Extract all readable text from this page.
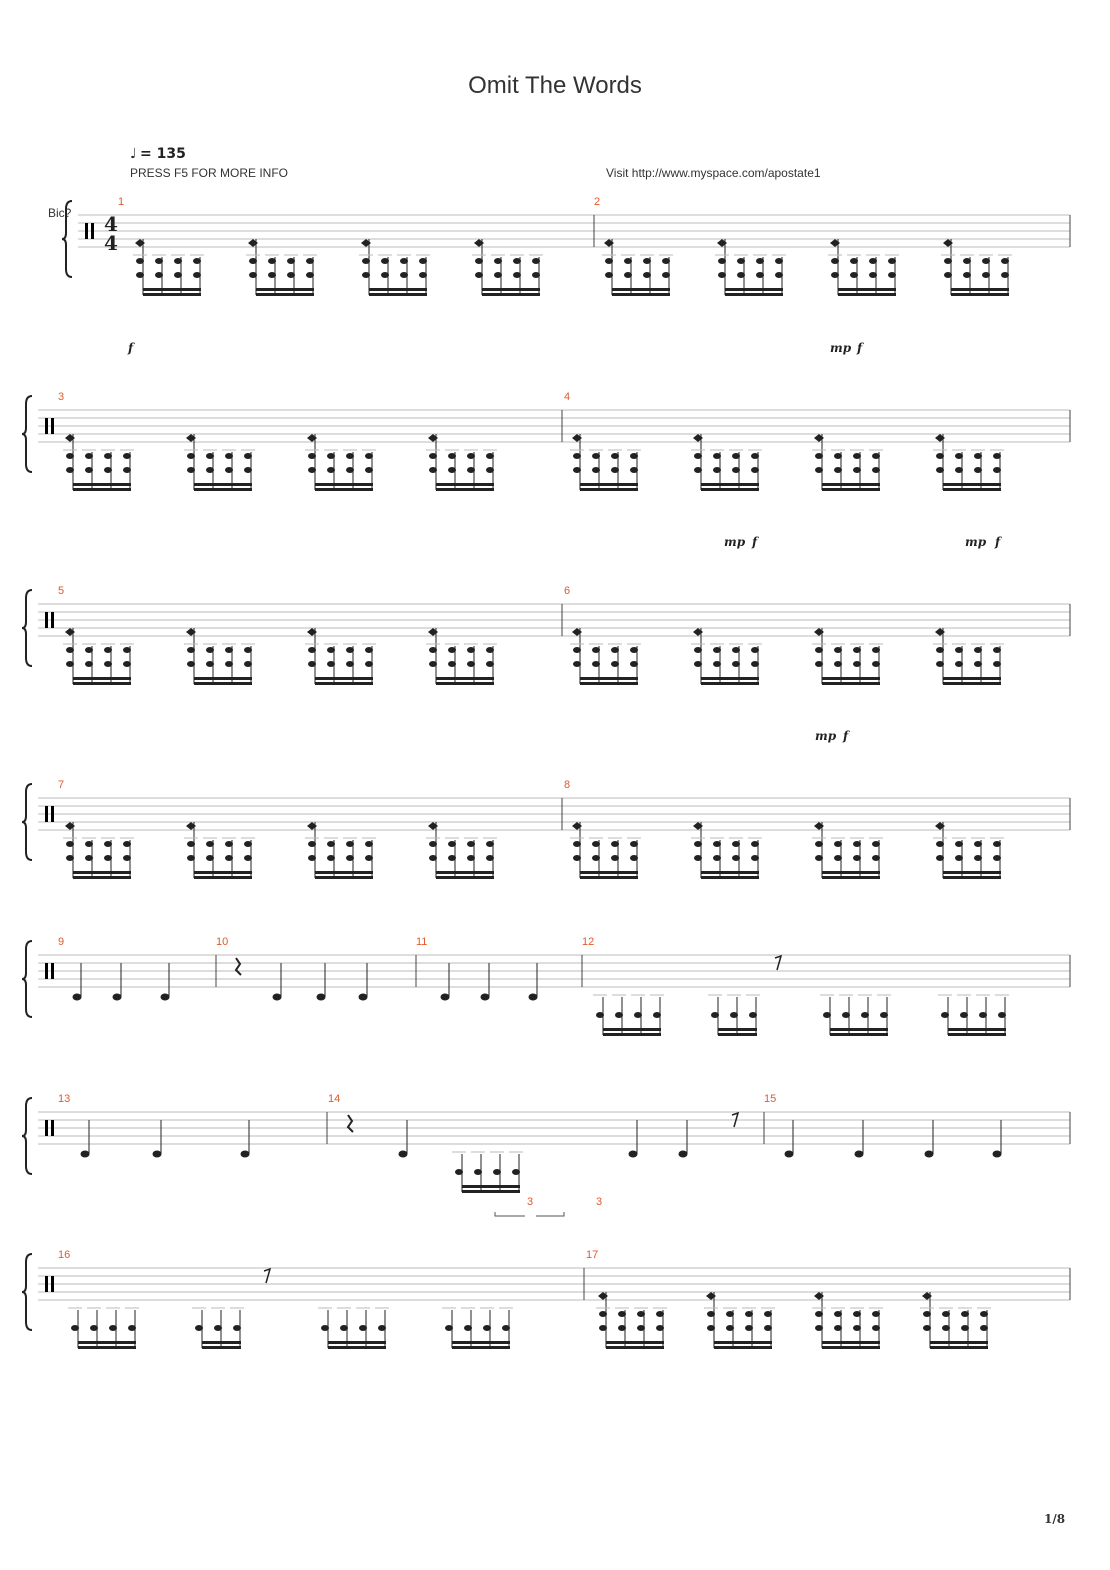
Omit The Words
♩ = 135
PRESS F5 FOR MORE INFO	Visit http://www.myspace.com/apostate1
Bic?
1/8
1	2
3	4
5	6
7	8
9	10	11	12
13	14	15
16	17
4
4
3	3
f	mp f
mp f	mp f
mp f
